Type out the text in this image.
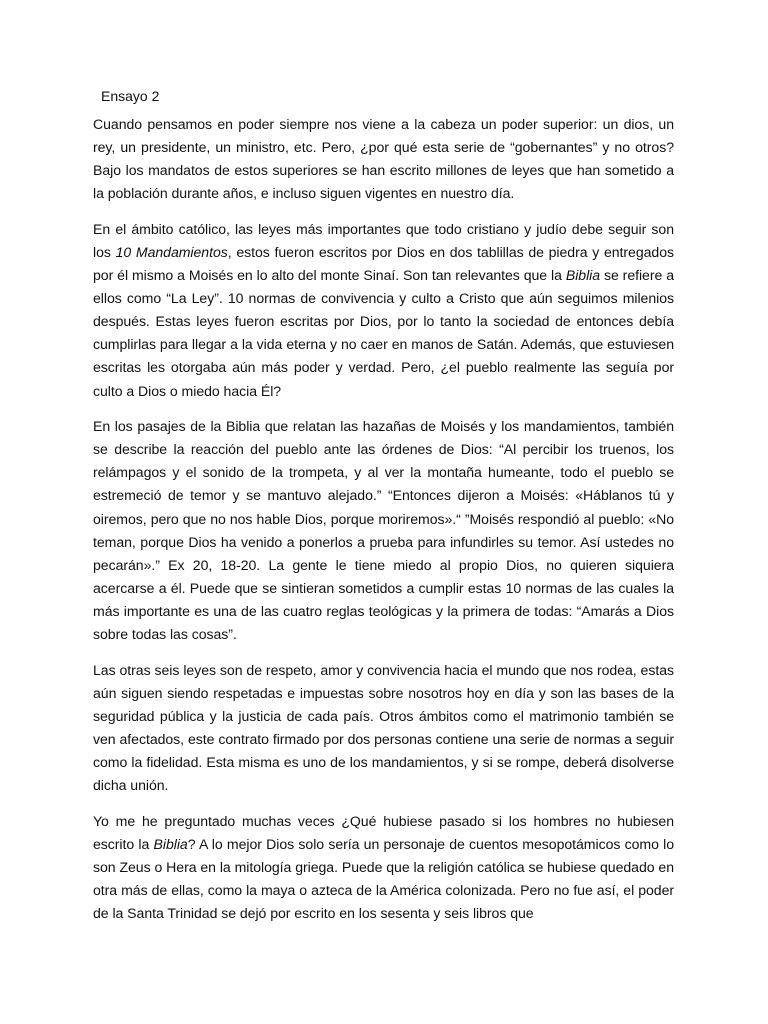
Ensayo 2

Cuando pensamos en poder siempre nos viene a la cabeza un poder superior: un dios, un rey, un presidente, un ministro, etc. Pero, ¿por qué esta serie de “gobernantes” y no otros? Bajo los mandatos de estos superiores se han escrito millones de leyes que han sometido a la población durante años, e incluso siguen vigentes en nuestro día.

En el ámbito católico, las leyes más importantes que todo cristiano y judío debe seguir son los 10 Mandamientos, estos fueron escritos por Dios en dos tablillas de piedra y entregados por él mismo a Moisés en lo alto del monte Sinaí. Son tan relevantes que la Biblia se refiere a ellos como “La Ley”. 10 normas de convivencia y culto a Cristo que aún seguimos milenios después. Estas leyes fueron escritas por Dios, por lo tanto la sociedad de entonces debía cumplirlas para llegar a la vida eterna y no caer en manos de Satán. Además, que estuviesen escritas les otorgaba aún más poder y verdad. Pero, ¿el pueblo realmente las seguía por culto a Dios o miedo hacia Él?

En los pasajes de la Biblia que relatan las hazañas de Moisés y los mandamientos, también se describe la reacción del pueblo ante las órdenes de Dios: “Al percibir los truenos, los relámpagos y el sonido de la trompeta, y al ver la montaña humeante, todo el pueblo se estremeció de temor y se mantuvo alejado.” “Entonces dijeron a Moisés: «Háblanos tú y oiremos, pero que no nos hable Dios, porque moriremos».“ ”Moisés respondió al pueblo: «No teman, porque Dios ha venido a ponerlos a prueba para infundirles su temor. Así ustedes no pecarán».” Ex 20, 18-20. La gente le tiene miedo al propio Dios, no quieren siquiera acercarse a él. Puede que se sintieran sometidos a cumplir estas 10 normas de las cuales la más importante es una de las cuatro reglas teológicas y la primera de todas: “Amarás a Dios sobre todas las cosas”.

Las otras seis leyes son de respeto, amor y convivencia hacia el mundo que nos rodea, estas aún siguen siendo respetadas e impuestas sobre nosotros hoy en día y son las bases de la seguridad pública y la justicia de cada país. Otros ámbitos como el matrimonio también se ven afectados, este contrato firmado por dos personas contiene una serie de normas a seguir como la fidelidad. Esta misma es uno de los mandamientos, y si se rompe, deberá disolverse dicha unión.

Yo me he preguntado muchas veces ¿Qué hubiese pasado si los hombres no hubiesen escrito la Biblia? A lo mejor Dios solo sería un personaje de cuentos mesopotámicos como lo son Zeus o Hera en la mitología griega. Puede que la religión católica se hubiese quedado en otra más de ellas, como la maya o azteca de la América colonizada. Pero no fue así, el poder de la Santa Trinidad se dejó por escrito en los sesenta y seis libros que
